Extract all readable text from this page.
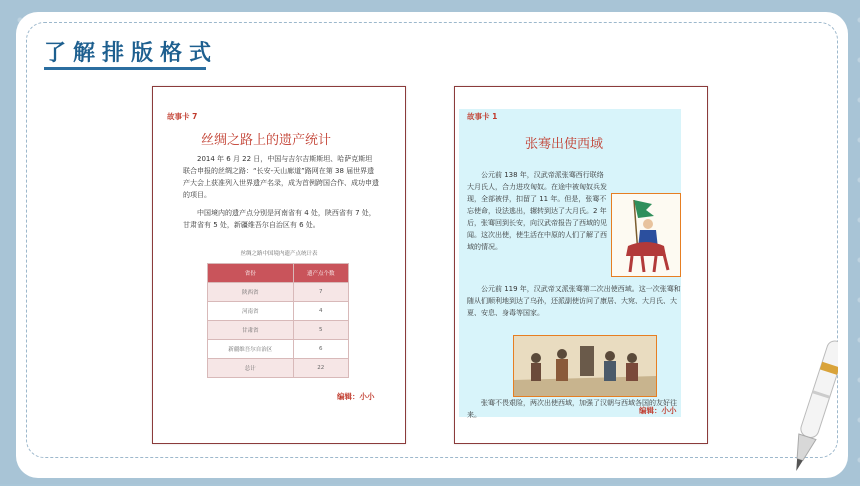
了解排版格式
故事卡 7
丝绸之路上的遗产统计
2014 年 6 月 22 日，中国与吉尔吉斯斯坦、哈萨克斯坦联合申报的丝绸之路：“长安-天山廊道”路网在第 38 届世界遗产大会上获准列入世界遗产名录，成为首例跨国合作、成功申遗的项目。
中国境内的遗产点分别是河南省有 4 处，陕西省有 7 处，甘肃省有 5 处，新疆维吾尔自治区有 6 处。
丝绸之路中国境内遗产点统计表
省份	遗产点个数
陕西省	7
河南省	4
甘肃省	5
新疆维吾尔自治区	6
总计	22
编辑：小小
故事卡 1
张骞出使西域
公元前 138 年，汉武帝派张骞西行联络大月氏人，合力进攻匈奴。在途中被匈奴兵发现，全部被俘，扣留了 11 年。但是，张骞不忘使命，设法逃出，辗转到达了大月氏。2 年后，张骞回到长安，向汉武帝报告了西域的见闻。这次出使，使生活在中原的人们了解了西域的情况。
公元前 119 年，汉武帝又派张骞第二次出使西域。这一次张骞和随从们顺利地到达了乌孙，还派副使访问了康居、大宛、大月氏、大夏、安息、身毒等国家。
张骞不畏艰险，两次出使西域，加强了汉朝与西域各国的友好往来。	编辑：小小
